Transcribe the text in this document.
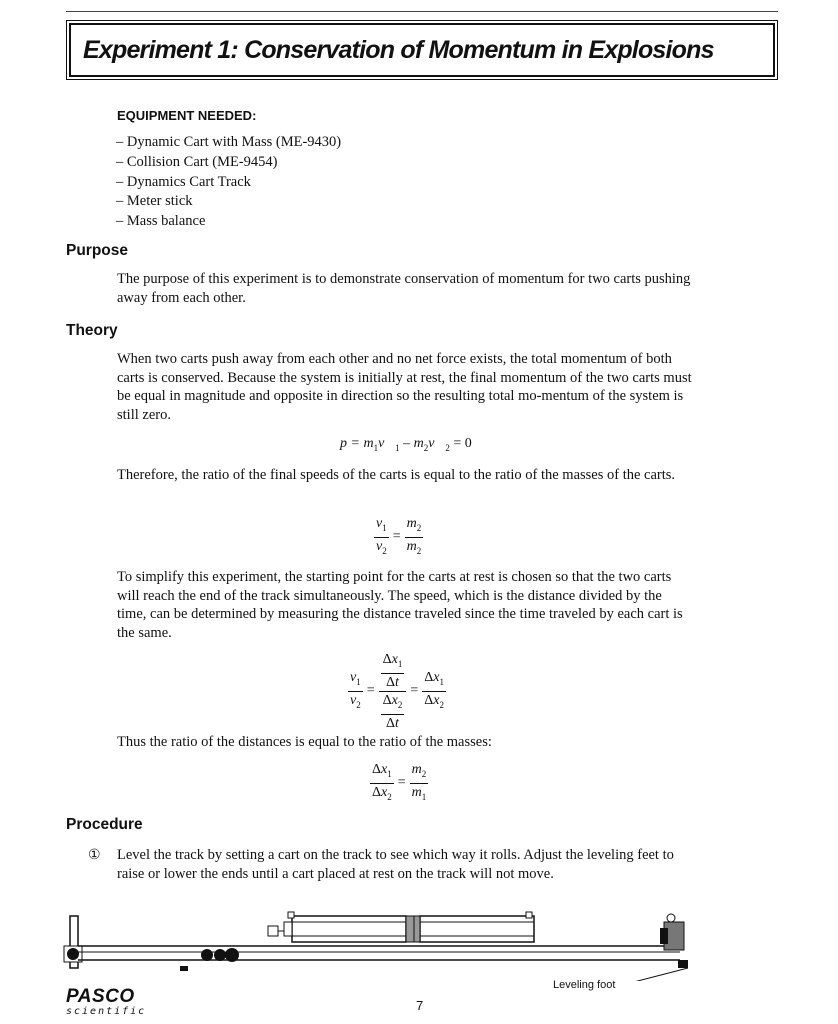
Experiment 1: Conservation of Momentum in Explosions
EQUIPMENT NEEDED:
– Dynamic Cart with Mass (ME-9430)
– Collision Cart (ME-9454)
– Dynamics Cart Track
– Meter stick
– Mass balance
Purpose

The purpose of this experiment is to demonstrate conservation of momentum for two carts pushing away from each other.

Theory

When two carts push away from each other and no net force exists, the total momentum of both carts is conserved. Because the system is initially at rest, the final momentum of the two carts must be equal in magnitude and opposite in direction so the resulting total mo-mentum of the system is still zero.

$p = m_1v⃗_1$ – $m_2v⃗_2 = 0$

Therefore, the ratio of the final speeds of the carts is equal to the ratio of the masses of the carts.

$\frac{v_1}{v_2} = \frac{m_2}{m_2}$

To simplify this experiment, the starting point for the carts at rest is chosen so that the two carts will reach the end of the track simultaneously. The speed, which is the distance divided by the time, can be determined by measuring the distance traveled since the time traveled by each cart is the same.

$\frac{v_1}{v_2} = \frac{\frac{\Delta x_1}{\Delta t}}{\frac{\Delta x_2}{\Delta t}} = \frac{\Delta x_1}{\Delta x_2}$

Thus the ratio of the distances is equal to the ratio of the masses:

$\frac{\Delta x_1}{\Delta x_2} = \frac{m_2}{m_1}$
Procedure
① Level the track by setting a cart on the track to see which way it rolls. Adjust the leveling feet to raise or lower the ends until a cart placed at rest on the track will not move.
Leveling foot
PASCO
scientific	7
